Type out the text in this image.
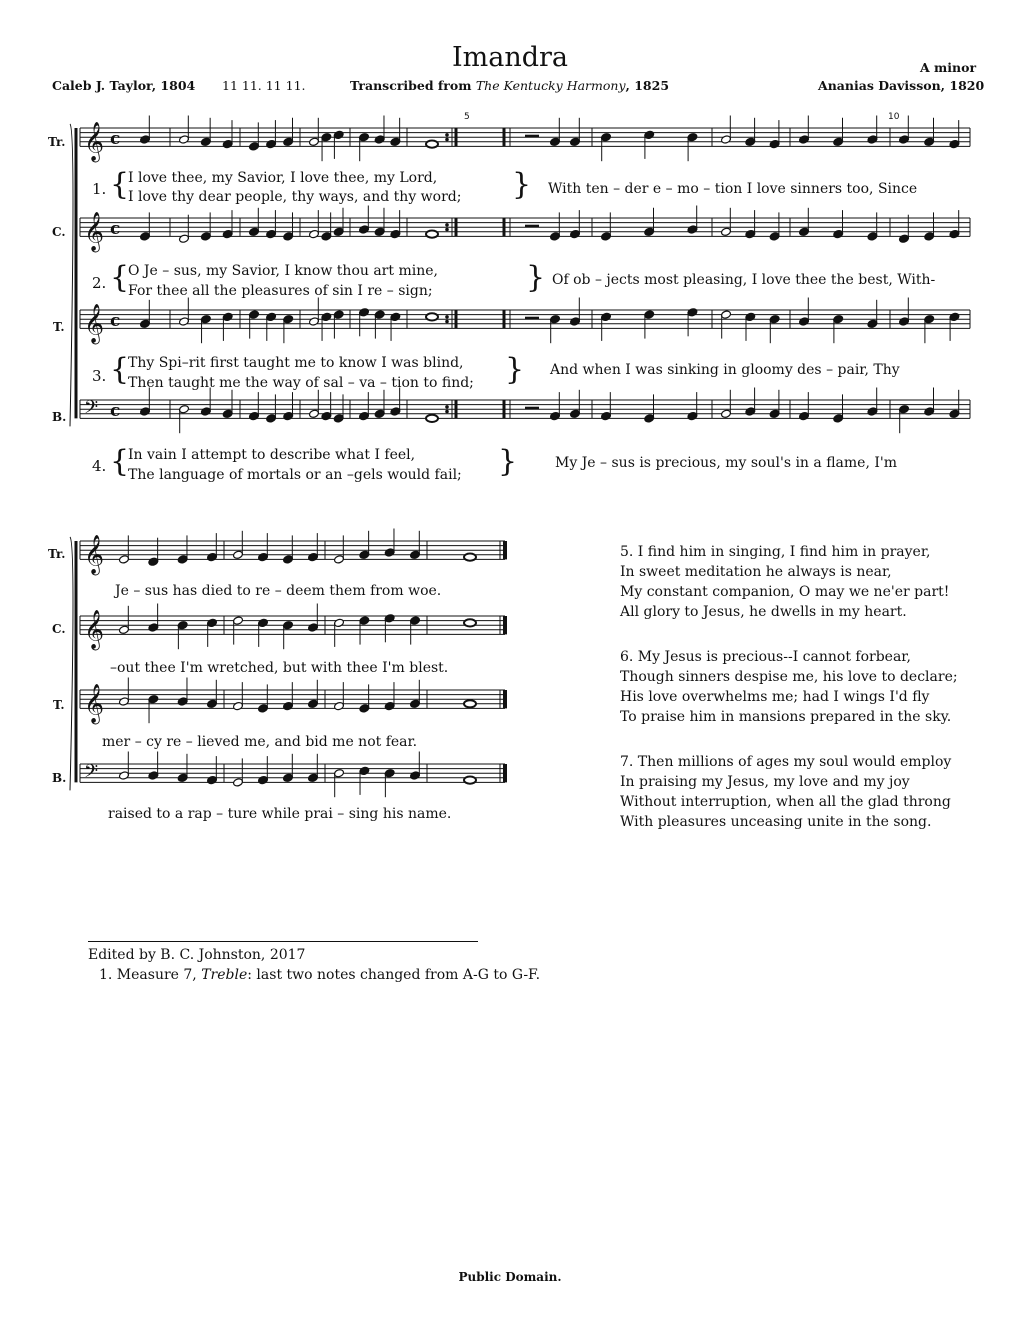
Imandra
Caleb J. Taylor, 1804 11 11. 11 11.	Transcribed from The Kentucky Harmony, 1825
A minor
Ananias Davisson, 1820
𝄞 c
𝄞 c
𝄞 c
𝄢 c
𝄞
𝄞
𝄞
𝄢
Tr.
C.
T.
B.
Tr.
C.
T.
B.
5	10
1. {
I love thee, my Savior, I love thee, my Lord,
I love thy dear people, thy ways, and thy word; } With ten – der e – mo – tion I love sinners too, Since
2. {
O Je – sus, my Savior, I know thou art mine,
For thee all the pleasures of sin I re – sign;	} Of ob – jects most pleasing, I love thee the best, With-
3. {
Thy Spi–rit first taught me to know I was blind,
Then taught me the way of sal – va – tion to find; } And when I was sinking in gloomy des – pair, Thy
4. {
In vain I attempt to describe what I feel,
The language of mortals or an –gels would fail; }	My Je – sus is precious, my soul's in a flame, I'm
Je – sus has died to re – deem them from woe.
–out thee I'm wretched, but with thee I'm blest.
mer – cy re – lieved me, and bid me not fear.
raised to a rap – ture while prai – sing his name.
5. I find him in singing, I find him in prayer,
In sweet meditation he always is near,
My constant companion, O may we ne'er part!
All glory to Jesus, he dwells in my heart.
6. My Jesus is precious--I cannot forbear,
Though sinners despise me, his love to declare;
His love overwhelms me; had I wings I'd fly
To praise him in mansions prepared in the sky.
7. Then millions of ages my soul would employ
In praising my Jesus, my love and my joy
Without interruption, when all the glad throng
With pleasures unceasing unite in the song.
Edited by B. C. Johnston, 2017
1. Measure 7, Treble: last two notes changed from A-G to G-F.
Public Domain.
